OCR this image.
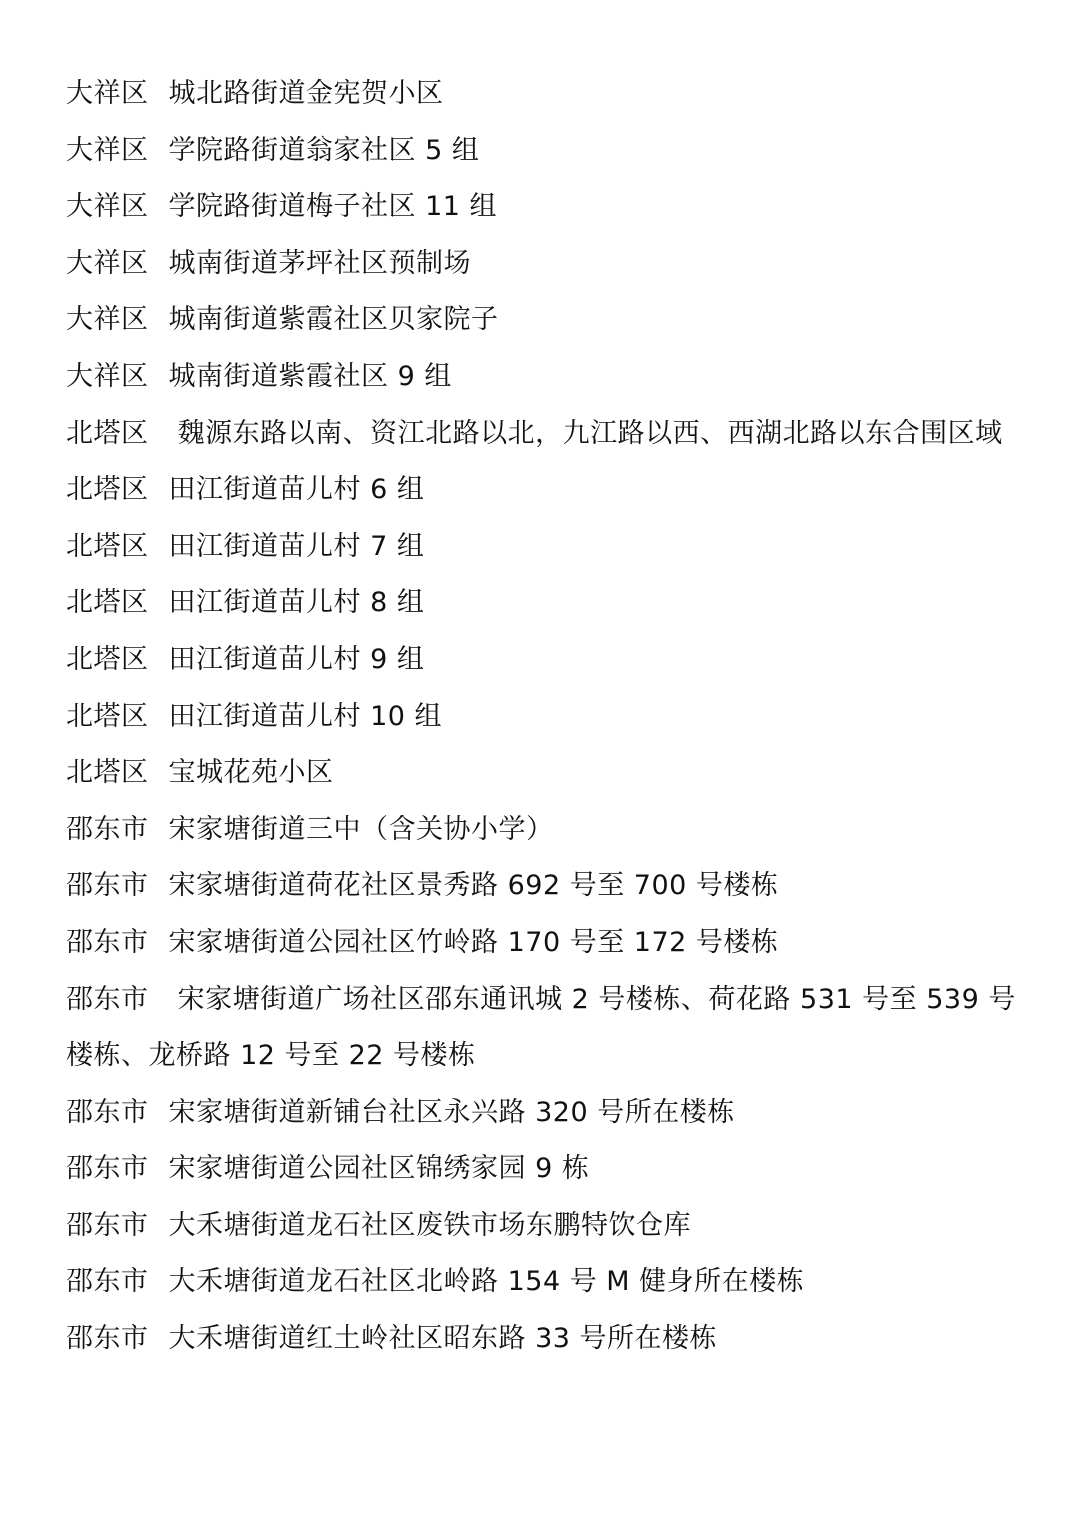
大祥区 城北路街道金宪贺小区
大祥区 学院路街道翁家社区 5 组
大祥区 学院路街道梅子社区 11 组
大祥区 城南街道茅坪社区预制场
大祥区 城南街道紫霞社区贝家院子
大祥区 城南街道紫霞社区 9 组
北塔区 魏源东路以南、资江北路以北，九江路以西、西湖北路以东合围区域
北塔区 田江街道苗儿村 6 组
北塔区 田江街道苗儿村 7 组
北塔区 田江街道苗儿村 8 组
北塔区 田江街道苗儿村 9 组
北塔区 田江街道苗儿村 10 组
北塔区 宝城花苑小区
邵东市 宋家塘街道三中（含关协小学）
邵东市 宋家塘街道荷花社区景秀路 692 号至 700 号楼栋
邵东市 宋家塘街道公园社区竹岭路 170 号至 172 号楼栋
邵东市 宋家塘街道广场社区邵东通讯城 2 号楼栋、荷花路 531 号至 539 号楼栋、龙桥路 12 号至 22 号楼栋
邵东市 宋家塘街道新铺台社区永兴路 320 号所在楼栋
邵东市 宋家塘街道公园社区锦绣家园 9 栋
邵东市 大禾塘街道龙石社区废铁市场东鹏特饮仓库
邵东市 大禾塘街道龙石社区北岭路 154 号 M 健身所在楼栋
邵东市 大禾塘街道红土岭社区昭东路 33 号所在楼栋
